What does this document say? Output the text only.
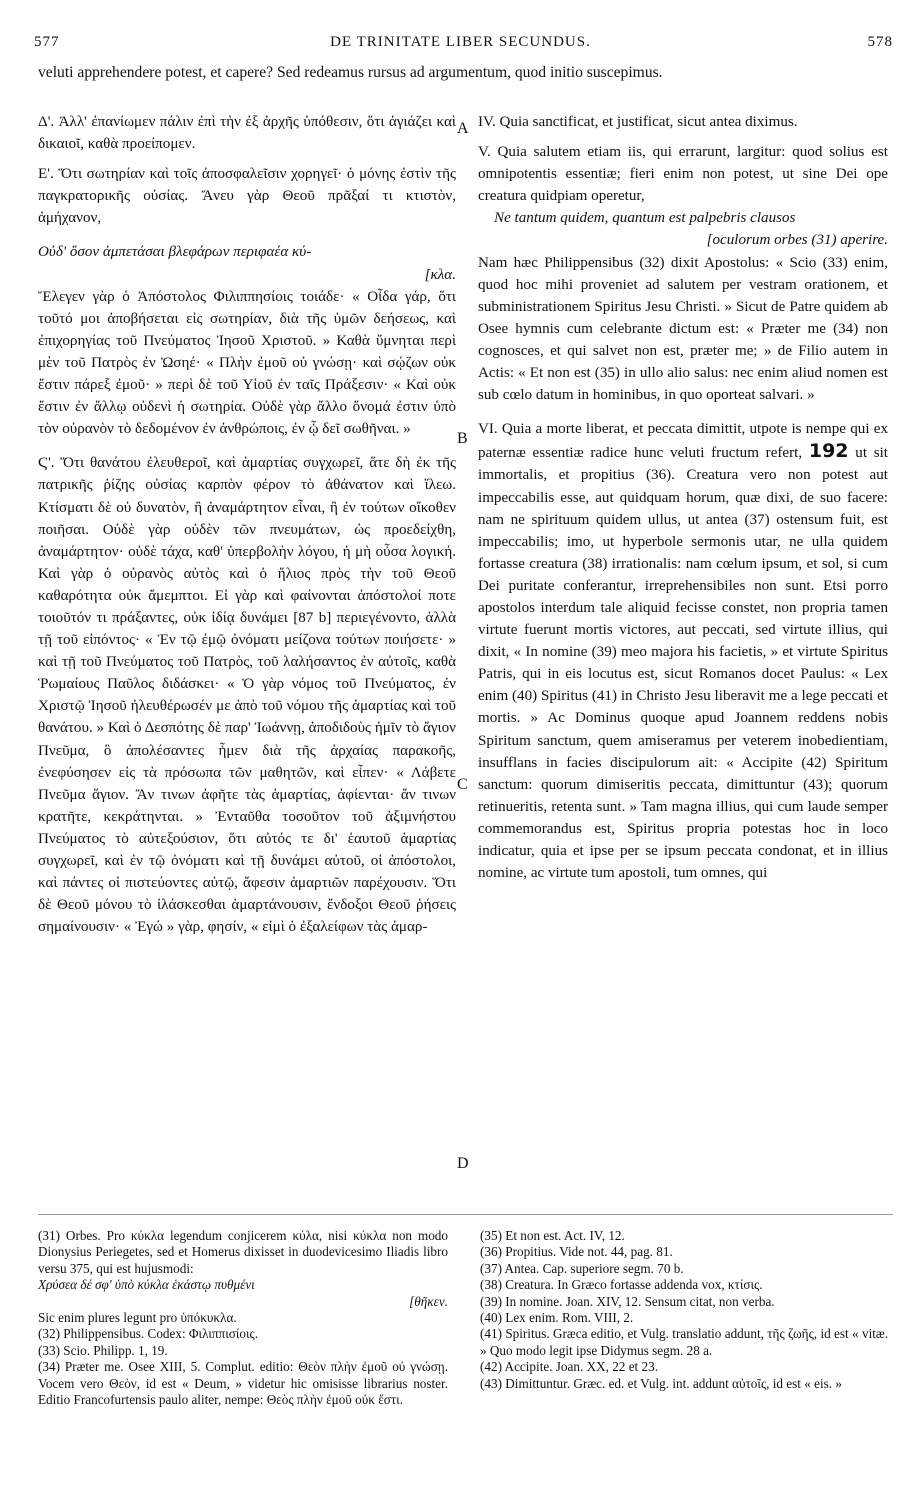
577	DE TRINITATE LIBER SECUNDUS.	578
veluti apprehendere potest, et capere? Sed redeamus rursus ad argumentum, quod initio suscepimus.

Δ'. Ἀλλ' ἐπανίωμεν πάλιν ἐπὶ τὴν ἐξ ἀρχῆς ὑπόθεσιν, ὅτι ἁγιάζει καὶ δικαιοῖ, καθὰ προείπομεν.

Ε'. Ὅτι σωτηρίαν καὶ τοῖς ἀποσφαλεῖσιν χορηγεῖ· ὁ μόνης ἐστὶν τῆς παγκρατορικῆς οὐσίας. Ἄνευ γὰρ Θεοῦ πρᾶξαί τι κτιστὸν, ἀμήχανον,

Οὐδ' ὅσον ἀμπετάσαι βλεφάρων περιφαέα κύ-

[κλα.

Ἔλεγεν γὰρ ὁ Ἀπόστολος Φιλιππησίοις τοιάδε· « Οἶδα γάρ, ὅτι τοῦτό μοι ἀποβήσεται εἰς σωτηρίαν, διὰ τῆς ὑμῶν δεήσεως, καὶ ἐπιχορηγίας τοῦ Πνεύματος Ἰησοῦ Χριστοῦ. » Καθὰ ὕμνηται περὶ μὲν τοῦ Πατρὸς ἐν Ὠσηέ· « Πλὴν ἐμοῦ οὐ γνώσῃ· καὶ σῴζων οὐκ ἔστιν πάρεξ ἐμοῦ· » περὶ δὲ τοῦ Υἱοῦ ἐν ταῖς Πράξεσιν· « Καὶ οὐκ ἔστιν ἐν ἄλλῳ οὐδενὶ ἡ σωτηρία. Οὐδὲ γὰρ ἄλλο ὄνομά ἐστιν ὑπὸ τὸν οὐρανὸν τὸ δεδομένον ἐν ἀνθρώποις, ἐν ᾧ δεῖ σωθῆναι. »

Ϛ'. Ὅτι θανάτου ἐλευθεροῖ, καὶ ἁμαρτίας συγχωρεῖ, ἅτε δὴ ἐκ τῆς πατρικῆς ῥίζης οὐσίας καρπὸν φέρον τὸ ἀθάνατον καὶ ἵλεω. Κτίσματι δὲ οὐ δυνατὸν, ἢ ἀναμάρτητον εἶναι, ἢ ἐν τούτων οἴκοθεν ποιῆσαι. Οὐδὲ γὰρ οὐδὲν τῶν πνευμάτων, ὡς προεδείχθη, ἀναμάρτητον· οὐδὲ τάχα, καθ' ὑπερβολὴν λόγου, ἡ μὴ οὖσα λογική. Καὶ γὰρ ὁ οὐρανὸς αὐτὸς καὶ ὁ ἥλιος πρὸς τὴν τοῦ Θεοῦ καθαρότητα οὐκ ἄμεμπτοι. Εἰ γὰρ καὶ φαίνονται ἀπόστολοί ποτε τοιοῦτόν τι πράξαντες, οὐκ ἰδίᾳ δυνάμει [87 b] περιεγένοντο, ἀλλὰ τῇ τοῦ εἰπόντος· « Ἐν τῷ ἐμῷ ὀνόματι μείζονα τούτων ποιήσετε· » καὶ τῇ τοῦ Πνεύματος τοῦ Πατρὸς, τοῦ λαλήσαντος ἐν αὐτοῖς, καθὰ Ῥωμαίους Παῦλος διδάσκει· « Ὁ γὰρ νόμος τοῦ Πνεύματος, ἐν Χριστῷ Ἰησοῦ ἠλευθέρωσέν με ἀπὸ τοῦ νόμου τῆς ἁμαρτίας καὶ τοῦ θανάτου. » Καὶ ὁ Δεσπότης δὲ παρ' Ἰωάννῃ, ἀποδιδοὺς ἡμῖν τὸ ἅγιον Πνεῦμα, ὃ ἀπολέσαντες ἦμεν διὰ τῆς ἀρχαίας παρακοῆς, ἐνεφύσησεν εἰς τὰ πρόσωπα τῶν μαθητῶν, καὶ εἶπεν· « Λάβετε Πνεῦμα ἅγιον. Ἄν τινων ἀφῆτε τὰς ἁμαρτίας, ἀφίενται· ἄν τινων κρατῆτε, κεκράτηνται. » Ἐνταῦθα τοσοῦτον τοῦ ἀξιμνήστου Πνεύματος τὸ αὐτεξούσιον, ὅτι αὐτός τε δι' ἑαυτοῦ ἁμαρτίας συγχωρεῖ, καὶ ἐν τῷ ὀνόματι καὶ τῇ δυνάμει αὐτοῦ, οἱ ἀπόστολοι, καὶ πάντες οἱ πιστεύοντες αὐτῷ, ἄφεσιν ἁμαρτιῶν παρέχουσιν. Ὅτι δὲ Θεοῦ μόνου τὸ ἱλάσκεσθαι ἁμαρτάνουσιν, ἔνδοξοι Θεοῦ ῥήσεις σημαίνουσιν· « Ἐγώ » γὰρ, φησίν, « εἰμὶ ὁ ἐξαλείφων τὰς ἁμαρ-

IV. Quia sanctificat, et justificat, sicut antea diximus.

V. Quia salutem etiam iis, qui errarunt, largitur: quod solius est omnipotentis essentiæ; fieri enim non potest, ut sine Dei ope creatura quidpiam operetur,

Ne tantum quidem, quantum est palpebris clausos

[oculorum orbes (31) aperire.

Nam hæc Philippensibus (32) dixit Apostolus: « Scio (33) enim, quod hoc mihi proveniet ad salutem per vestram orationem, et subministrationem Spiritus Jesu Christi. » Sicut de Patre quidem ab Osee hymnis cum celebrante dictum est: « Præter me (34) non cognosces, et qui salvet non est, præter me; » de Filio autem in Actis: « Et non est (35) in ullo alio salus: nec enim aliud nomen est sub cœlo datum in hominibus, in quo oporteat salvari. »

VI. Quia a morte liberat, et peccata dimittit, utpote is nempe qui ex paternæ essentiæ radice hunc veluti fructum refert, 192 ut sit immortalis, et propitius (36). Creatura vero non potest aut impeccabilis esse, aut quidquam horum, quæ dixi, de suo facere: nam ne spirituum quidem ullus, ut antea (37) ostensum fuit, est impeccabilis; imo, ut hyperbole sermonis utar, ne ulla quidem fortasse creatura (38) irrationalis: nam cœlum ipsum, et sol, si cum Dei puritate conferantur, irreprehensibiles non sunt. Etsi porro apostolos interdum tale aliquid fecisse constet, non propria tamen virtute fuerunt mortis victores, aut peccati, sed virtute illius, qui dixit, « In nomine (39) meo majora his facietis, » et virtute Spiritus Patris, qui in eis locutus est, sicut Romanos docet Paulus: « Lex enim (40) Spiritus (41) in Christo Jesu liberavit me a lege peccati et mortis. » Ac Dominus quoque apud Joannem reddens nobis Spiritum sanctum, quem amiseramus per veterem inobedientiam, insufflans in facies discipulorum ait: « Accipite (42) Spiritum sanctum: quorum dimiseritis peccata, dimittuntur (43); quorum retinueritis, retenta sunt. » Tam magna illius, qui cum laude semper commemorandus est, Spiritus propria potestas hoc in loco indicatur, quia et ipse per se ipsum peccata condonat, et in illius nomine, ac virtute tum apostoli, tum omnes, qui

A
B
C
D

(31) Orbes. Pro κύκλα legendum conjicerem κύλα, nisi κύκλα non modo Dionysius Periegetes, sed et Homerus dixisset in duodevicesimo Iliadis libro versu 375, qui est hujusmodi:

Χρύσεα δέ σφ' ὑπὸ κύκλα ἑκάστῳ πυθμένι

[θῆκεν.

Sic enim plures legunt pro ὑπόκυκλα.

(32) Philippensibus. Codex: Φιλιππισίοις.

(33) Scio. Philipp. 1, 19.

(34) Præter me. Osee XIII, 5. Complut. editio: Θεὸν πλὴν ἐμοῦ οὐ γνώσῃ. Vocem vero Θεὸν, id est « Deum, » videtur hic omisisse librarius noster. Editio Francofurtensis paulo aliter, nempe: Θεὸς πλὴν ἐμοῦ οὐκ ἔστι.

(35) Et non est. Act. IV, 12.

(36) Propitius. Vide not. 44, pag. 81.

(37) Antea. Cap. superiore segm. 70 b.

(38) Creatura. In Græco fortasse addenda vox, κτίσις.

(39) In nomine. Joan. XIV, 12. Sensum citat, non verba.

(40) Lex enim. Rom. VIII, 2.

(41) Spiritus. Græca editio, et Vulg. translatio addunt, τῆς ζωῆς, id est « vitæ. » Quo modo legit ipse Didymus segm. 28 a.

(42) Accipite. Joan. XX, 22 et 23.

(43) Dimittuntur. Græc. ed. et Vulg. int. addunt αὐτοῖς, id est « eis. »
